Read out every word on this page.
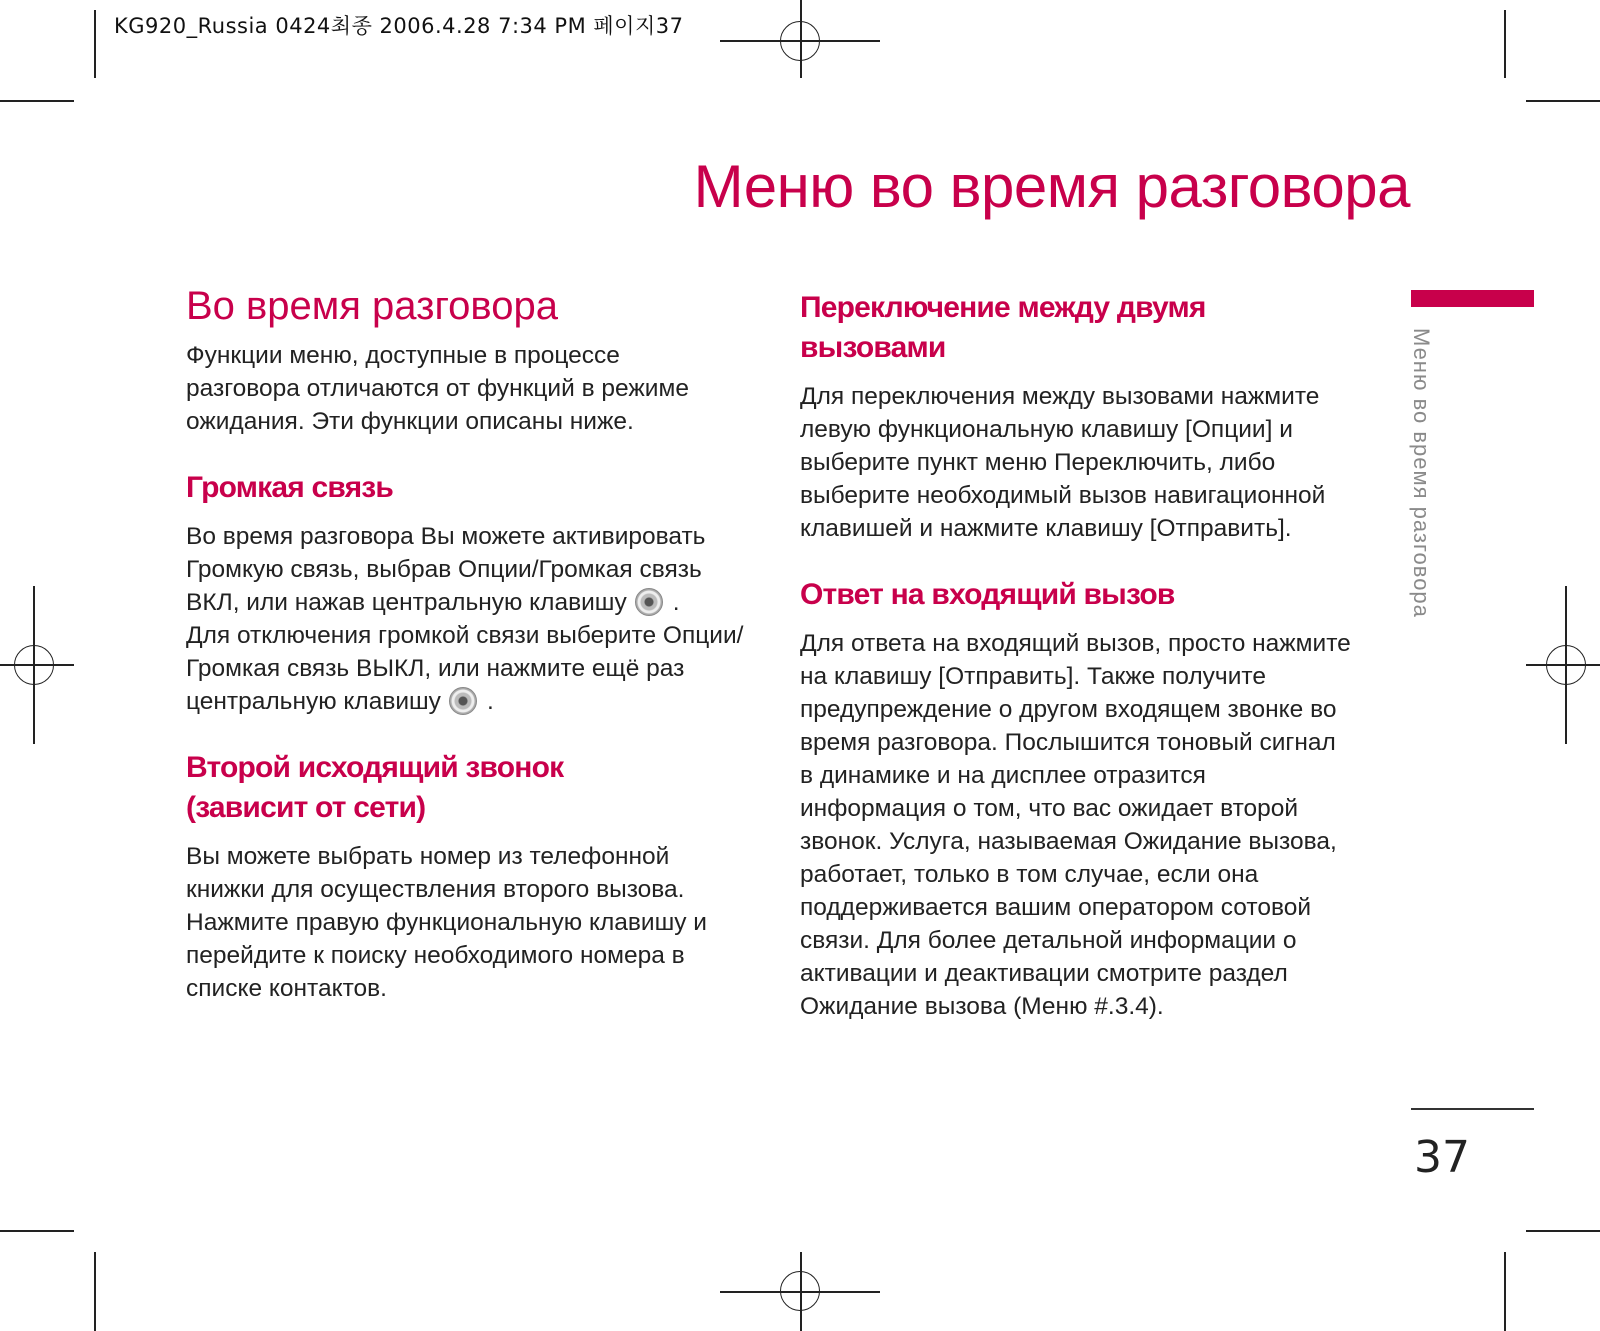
KG920_Russia 0424최종 2006.4.28 7:34 PM 페이지37
Меню во время разговора
Во время разговора

Функции меню, доступные в процессе разговора отличаются от функций в режиме ожидания. Эти функции описаны ниже.

Громкая связь

Во время разговора Вы можете активировать Громкую связь, выбрав Опции/Громкая связь ВКЛ, или нажав центральную клавишу .
Для отключения громкой связи выберите Опции/Громкая связь ВЫКЛ, или нажмите ещё раз центральную клавишу .

Второй исходящий звонок
(зависит от сети)

Вы можете выбрать номер из телефонной книжки для осуществления второго вызова. Нажмите правую функциональную клавишу и перейдите к поиску необходимого номера в списке контактов.

Переключение между двумя
вызовами

Для переключения между вызовами нажмите левую функциональную клавишу [Опции] и выберите пункт меню Переключить, либо выберите необходимый вызов навигационной клавишей и нажмите клавишу [Отправить].

Ответ на входящий вызов

Для ответа на входящий вызов, просто нажмите на клавишу [Отправить]. Также получите предупреждение о другом входящем звонке во время разговора. Послышится тоновый сигнал в динамике и на дисплее отразится информация о том, что вас ожидает второй звонок. Услуга, называемая Ожидание вызова, работает, только в том случае, если она поддерживается вашим оператором сотовой связи. Для более детальной информации о активации и деактивации смотрите раздел Ожидание вызова (Меню #.3.4).

Меню во время разговора
37
